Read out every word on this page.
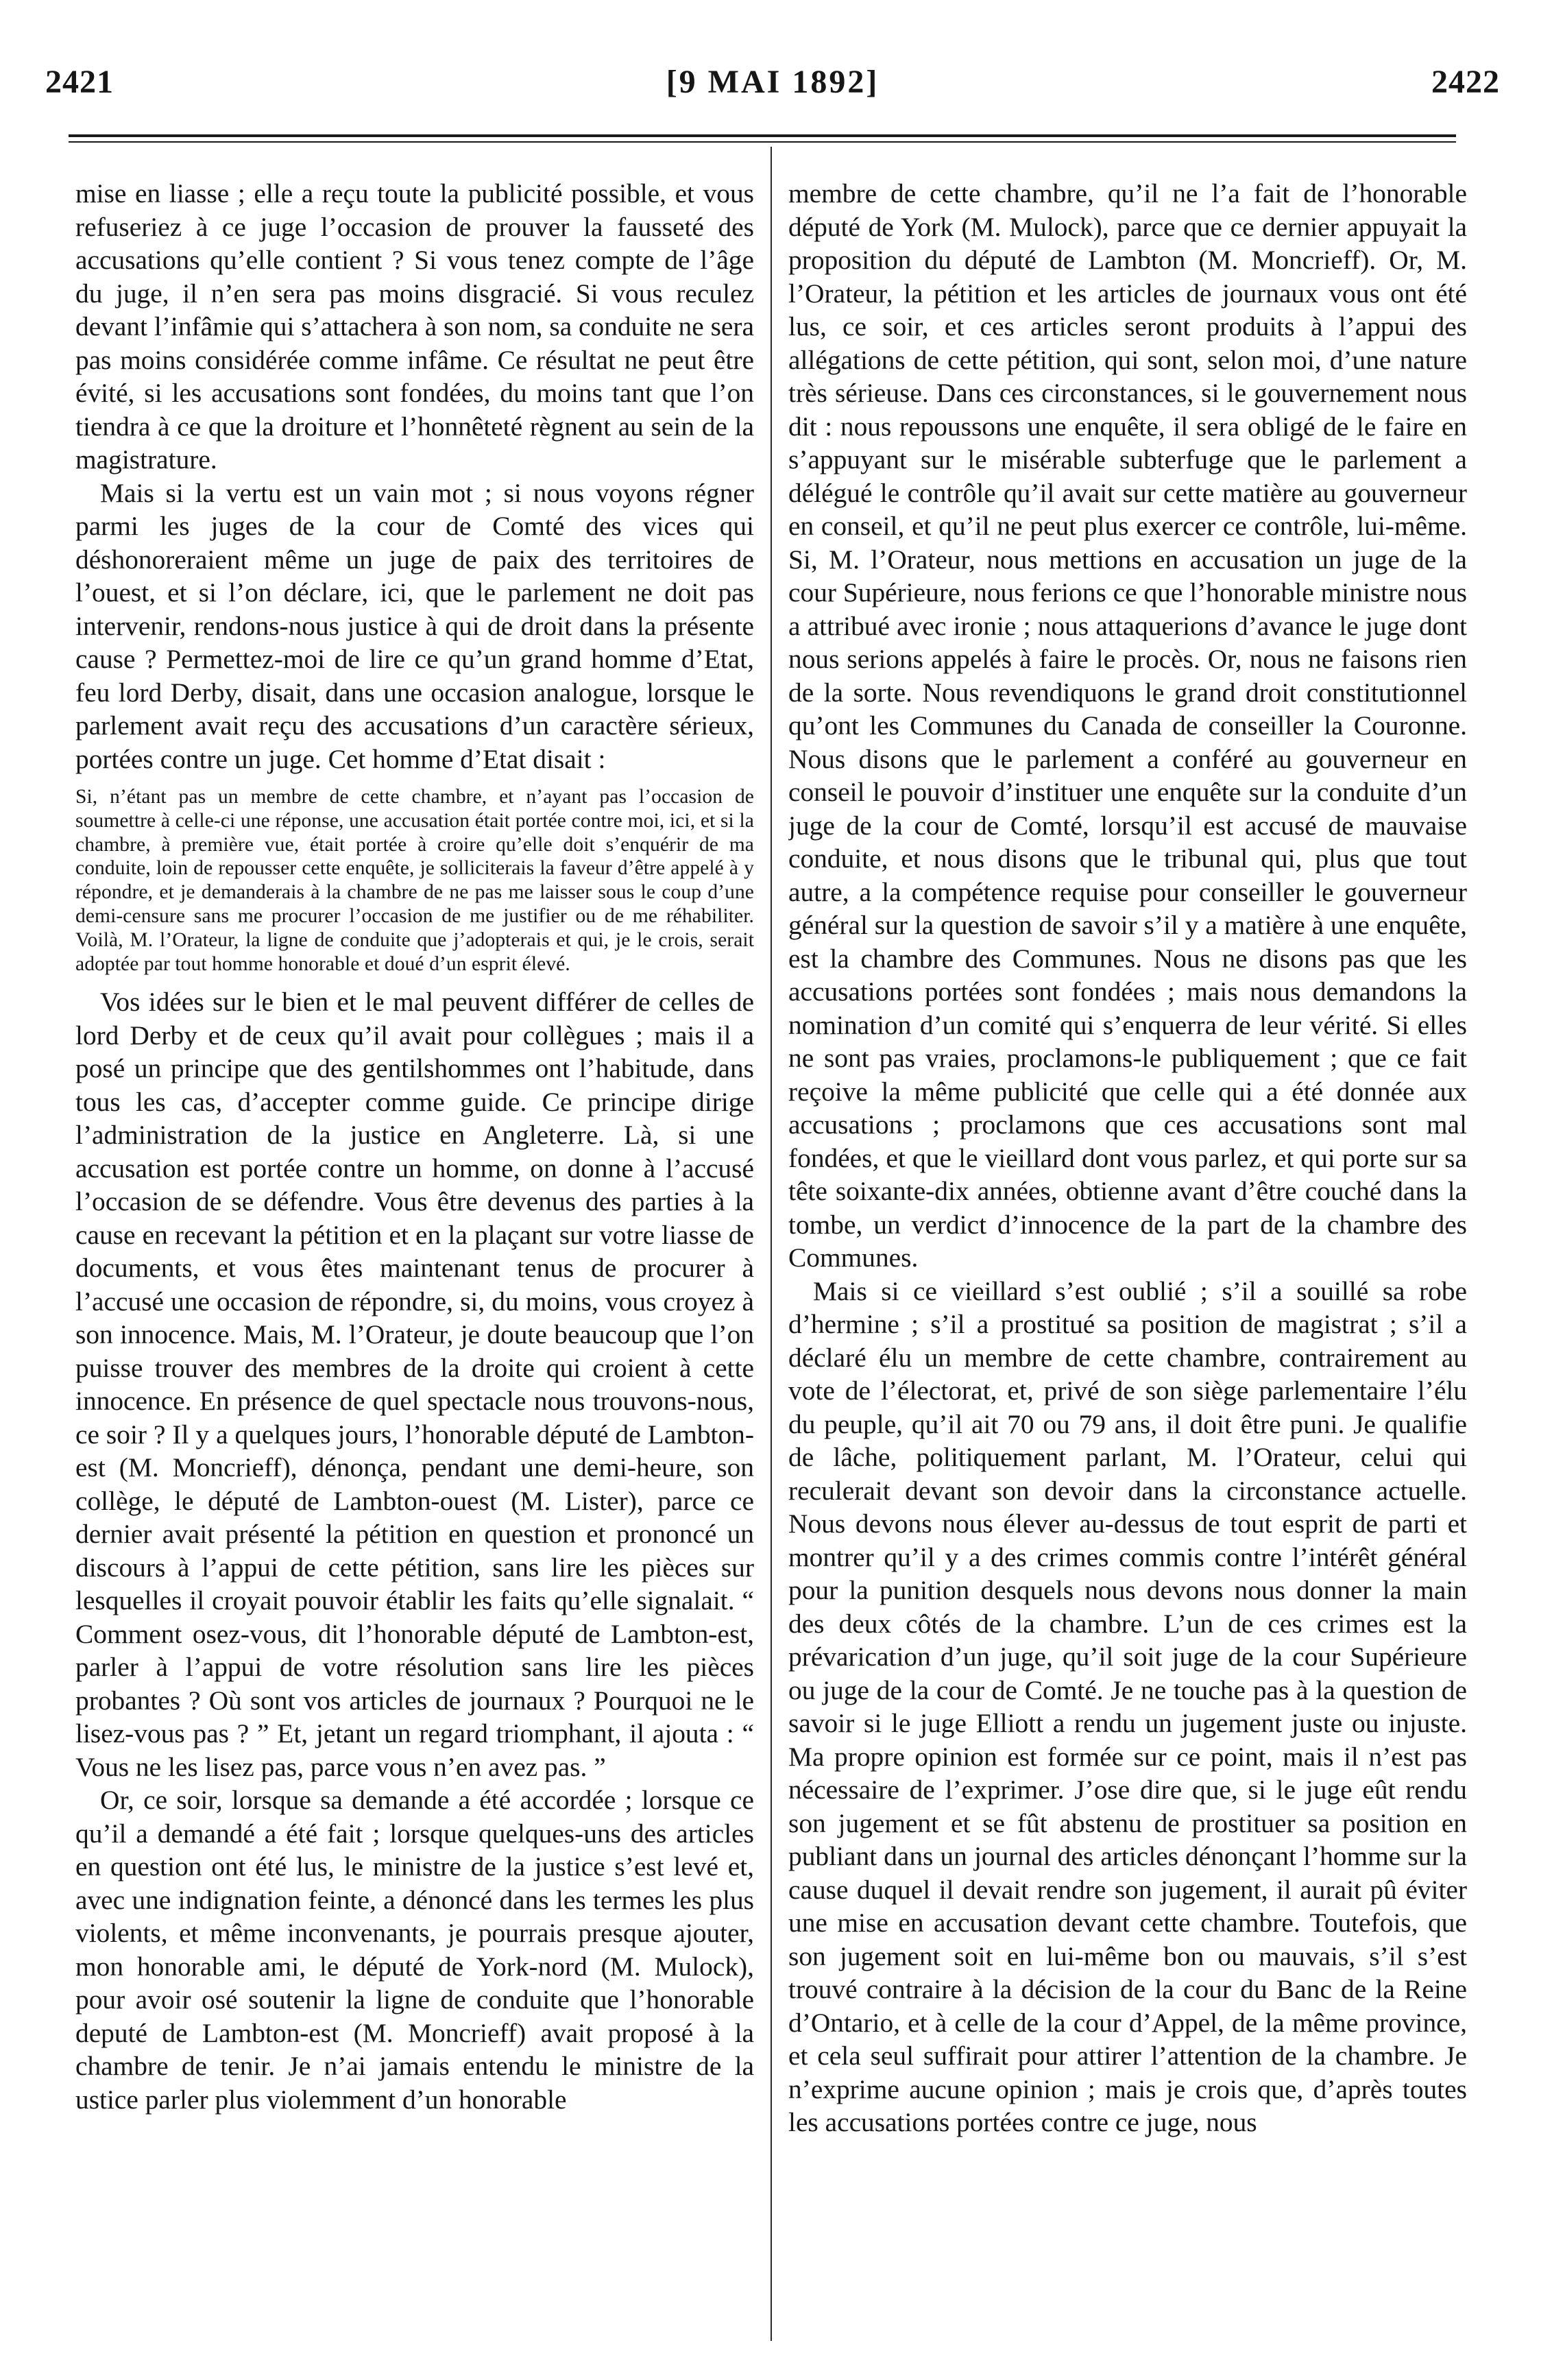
2421	[9 MAI 1892]	2422

mise en liasse ; elle a reçu toute la publicité possible, et vous refuseriez à ce juge l’occasion de prouver la fausseté des accusations qu’elle contient ? Si vous tenez compte de l’âge du juge, il n’en sera pas moins disgracié. Si vous reculez devant l’infâmie qui s’attachera à son nom, sa conduite ne sera pas moins considérée comme infâme. Ce résultat ne peut être évité, si les accusations sont fondées, du moins tant que l’on tiendra à ce que la droiture et l’honnêteté règnent au sein de la magistrature.

Mais si la vertu est un vain mot ; si nous voyons régner parmi les juges de la cour de Comté des vices qui déshonoreraient même un juge de paix des territoires de l’ouest, et si l’on déclare, ici, que le parlement ne doit pas intervenir, rendons-nous justice à qui de droit dans la présente cause ? Permettez-moi de lire ce qu’un grand homme d’Etat, feu lord Derby, disait, dans une occasion analogue, lorsque le parlement avait reçu des accusations d’un caractère sérieux, portées contre un juge. Cet homme d’Etat disait :

Si, n’étant pas un membre de cette chambre, et n’ayant pas l’occasion de soumettre à celle-ci une réponse, une accusation était portée contre moi, ici, et si la chambre, à première vue, était portée à croire qu’elle doit s’enquérir de ma conduite, loin de repousser cette enquête, je solliciterais la faveur d’être appelé à y répondre, et je demanderais à la chambre de ne pas me laisser sous le coup d’une demi-censure sans me procurer l’occasion de me justifier ou de me réhabiliter. Voilà, M. l’Orateur, la ligne de conduite que j’adopterais et qui, je le crois, serait adoptée par tout homme honorable et doué d’un esprit élevé.

Vos idées sur le bien et le mal peuvent différer de celles de lord Derby et de ceux qu’il avait pour collègues ; mais il a posé un principe que des gentilshommes ont l’habitude, dans tous les cas, d’accepter comme guide. Ce principe dirige l’administration de la justice en Angleterre. Là, si une accusation est portée contre un homme, on donne à l’accusé l’occasion de se défendre. Vous être devenus des parties à la cause en recevant la pétition et en la plaçant sur votre liasse de documents, et vous êtes maintenant tenus de procurer à l’accusé une occasion de répondre, si, du moins, vous croyez à son innocence. Mais, M. l’Orateur, je doute beaucoup que l’on puisse trouver des membres de la droite qui croient à cette innocence. En présence de quel spectacle nous trouvons-nous, ce soir ? Il y a quelques jours, l’honorable député de Lambton-est (M. Moncrieff), dénonça, pendant une demi-heure, son collège, le député de Lambton-ouest (M. Lister), parce ce dernier avait présenté la pétition en question et prononcé un discours à l’appui de cette pétition, sans lire les pièces sur lesquelles il croyait pouvoir établir les faits qu’elle signalait. “ Comment osez-vous, dit l’honorable député de Lambton-est, parler à l’appui de votre résolution sans lire les pièces probantes ? Où sont vos articles de journaux ? Pourquoi ne le lisez-vous pas ? ” Et, jetant un regard triomphant, il ajouta : “ Vous ne les lisez pas, parce vous n’en avez pas. ”

Or, ce soir, lorsque sa demande a été accordée ; lorsque ce qu’il a demandé a été fait ; lorsque quelques-uns des articles en question ont été lus, le ministre de la justice s’est levé et, avec une indignation feinte, a dénoncé dans les termes les plus violents, et même inconvenants, je pourrais presque ajouter, mon honorable ami, le député de York-nord (M. Mulock), pour avoir osé soutenir la ligne de conduite que l’honorable deputé de Lambton-est (M. Moncrieff) avait proposé à la chambre de tenir. Je n’ai jamais entendu le ministre de la ustice parler plus violemment d’un honorable

membre de cette chambre, qu’il ne l’a fait de l’honorable député de York (M. Mulock), parce que ce dernier appuyait la proposition du député de Lambton (M. Moncrieff). Or, M. l’Orateur, la pétition et les articles de journaux vous ont été lus, ce soir, et ces articles seront produits à l’appui des allégations de cette pétition, qui sont, selon moi, d’une nature très sérieuse. Dans ces circonstances, si le gouvernement nous dit : nous repoussons une enquête, il sera obligé de le faire en s’appuyant sur le misérable subterfuge que le parlement a délégué le contrôle qu’il avait sur cette matière au gouverneur en conseil, et qu’il ne peut plus exercer ce contrôle, lui-même. Si, M. l’Orateur, nous mettions en accusation un juge de la cour Supérieure, nous ferions ce que l’honorable ministre nous a attribué avec ironie ; nous attaquerions d’avance le juge dont nous serions appelés à faire le procès. Or, nous ne faisons rien de la sorte. Nous revendiquons le grand droit constitutionnel qu’ont les Communes du Canada de conseiller la Couronne. Nous disons que le parlement a conféré au gouverneur en conseil le pouvoir d’instituer une enquête sur la conduite d’un juge de la cour de Comté, lorsqu’il est accusé de mauvaise conduite, et nous disons que le tribunal qui, plus que tout autre, a la compétence requise pour conseiller le gouverneur général sur la question de savoir s’il y a matière à une enquête, est la chambre des Communes. Nous ne disons pas que les accusations portées sont fondées ; mais nous demandons la nomination d’un comité qui s’enquerra de leur vérité. Si elles ne sont pas vraies, proclamons-le publiquement ; que ce fait reçoive la même publicité que celle qui a été donnée aux accusations ; proclamons que ces accusations sont mal fondées, et que le vieillard dont vous parlez, et qui porte sur sa tête soixante-dix années, obtienne avant d’être couché dans la tombe, un verdict d’innocence de la part de la chambre des Communes.

Mais si ce vieillard s’est oublié ; s’il a souillé sa robe d’hermine ; s’il a prostitué sa position de magistrat ; s’il a déclaré élu un membre de cette chambre, contrairement au vote de l’électorat, et, privé de son siège parlementaire l’élu du peuple, qu’il ait 70 ou 79 ans, il doit être puni. Je qualifie de lâche, politiquement parlant, M. l’Orateur, celui qui reculerait devant son devoir dans la circonstance actuelle. Nous devons nous élever au-dessus de tout esprit de parti et montrer qu’il y a des crimes commis contre l’intérêt général pour la punition desquels nous devons nous donner la main des deux côtés de la chambre. L’un de ces crimes est la prévarication d’un juge, qu’il soit juge de la cour Supérieure ou juge de la cour de Comté. Je ne touche pas à la question de savoir si le juge Elliott a rendu un jugement juste ou injuste. Ma propre opinion est formée sur ce point, mais il n’est pas nécessaire de l’exprimer. J’ose dire que, si le juge eût rendu son jugement et se fût abstenu de prostituer sa position en publiant dans un journal des articles dénonçant l’homme sur la cause duquel il devait rendre son jugement, il aurait pû éviter une mise en accusation devant cette chambre. Toutefois, que son jugement soit en lui-même bon ou mauvais, s’il s’est trouvé contraire à la décision de la cour du Banc de la Reine d’Ontario, et à celle de la cour d’Appel, de la même province, et cela seul suffirait pour attirer l’attention de la chambre. Je n’exprime aucune opinion ; mais je crois que, d’après toutes les accusations portées contre ce juge, nous
